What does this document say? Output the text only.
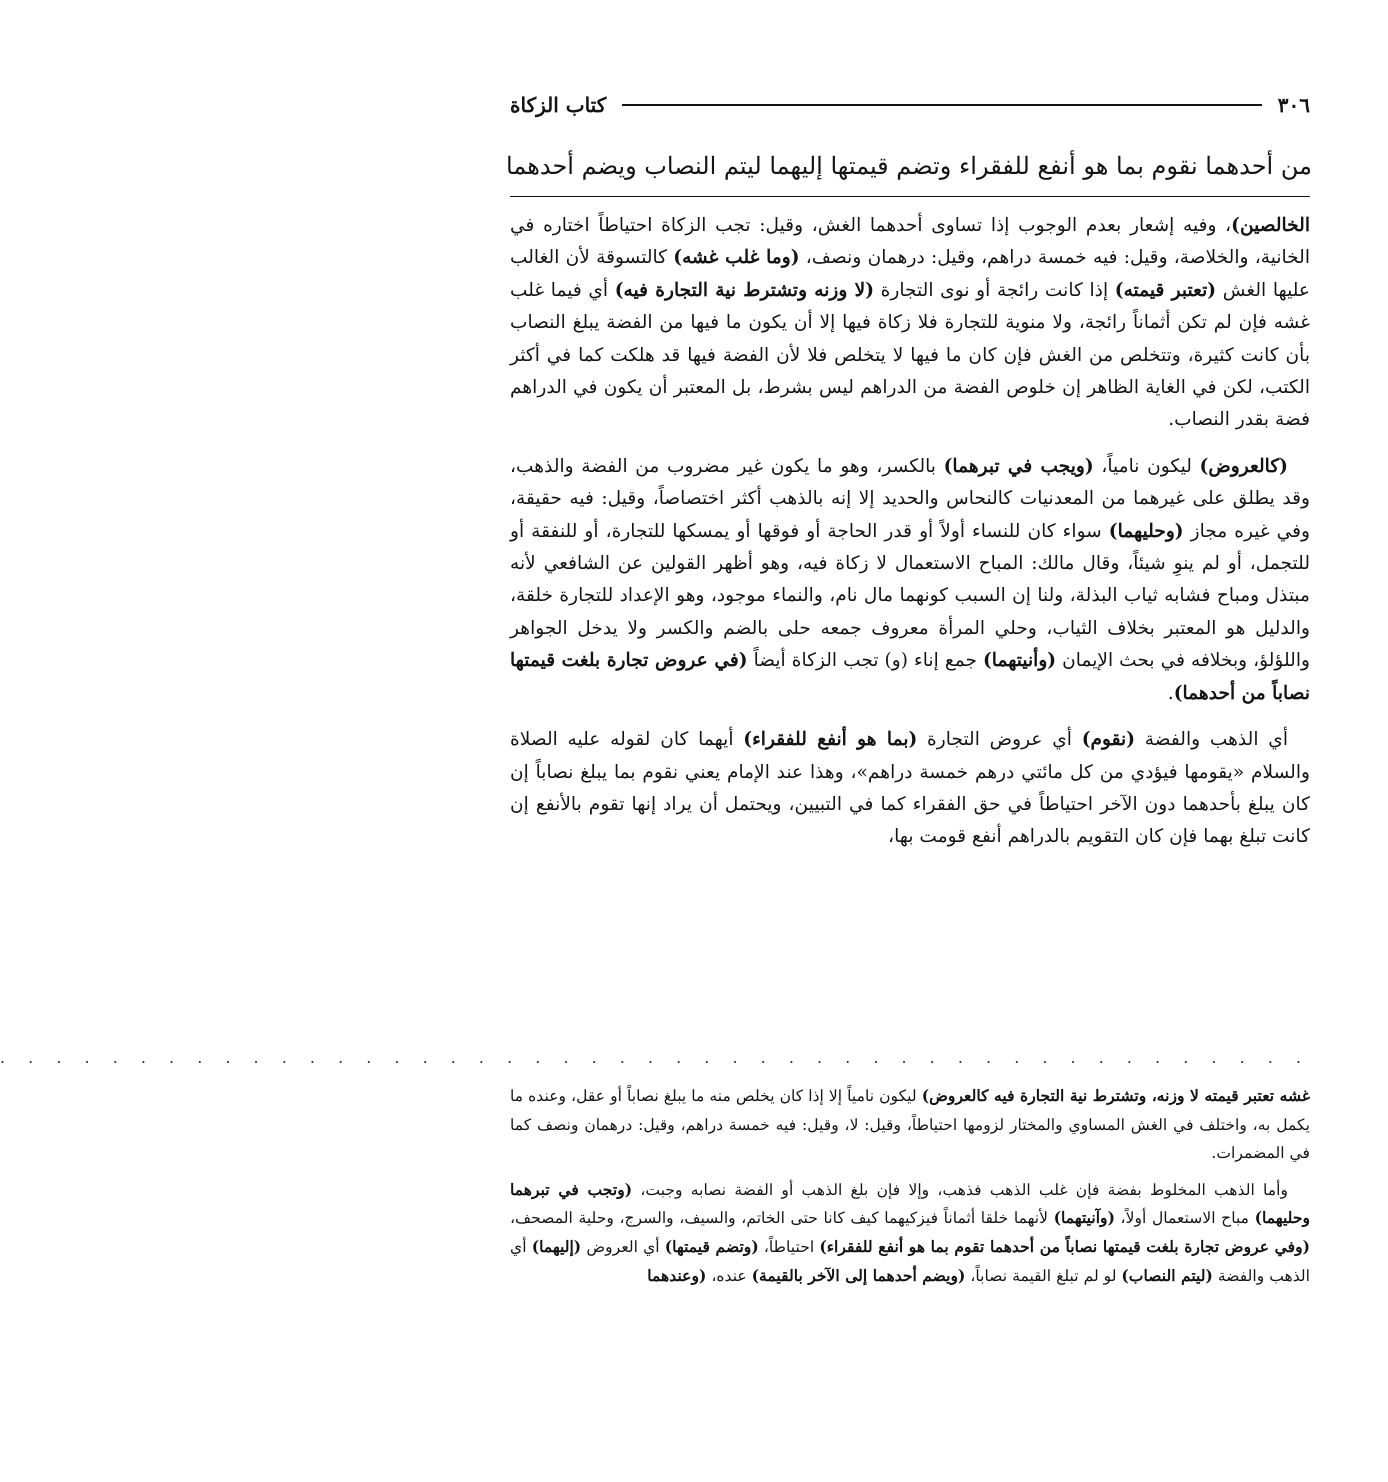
٣٠٦
كتاب الزكاة
من أحدهما نقوم بما هو أنفع للفقراء وتضم قيمتها إليهما ليتم النصاب ويضم أحدهما

الخالصين)، وفيه إشعار بعدم الوجوب إذا تساوى أحدهما الغش، وقيل: تجب الزكاة احتياطاً اختاره في الخانية، والخلاصة، وقيل: فيه خمسة دراهم، وقيل: درهمان ونصف، (وما غلب غشه) كالتسوقة لأن الغالب عليها الغش (تعتبر قيمته) إذا كانت رائجة أو نوى التجارة (لا وزنه وتشترط نية التجارة فيه) أي فيما غلب غشه فإن لم تكن أثماناً رائجة، ولا منوية للتجارة فلا زكاة فيها إلا أن يكون ما فيها من الفضة يبلغ النصاب بأن كانت كثيرة، وتتخلص من الغش فإن كان ما فيها لا يتخلص فلا لأن الفضة فيها قد هلكت كما في أكثر الكتب، لكن في الغاية الظاهر إن خلوص الفضة من الدراهم ليس بشرط، بل المعتبر أن يكون في الدراهم فضة بقدر النصاب.

(كالعروض) ليكون نامياً، (ويجب في تبرهما) بالكسر، وهو ما يكون غير مضروب من الفضة والذهب، وقد يطلق على غيرهما من المعدنيات كالنحاس والحديد إلا إنه بالذهب أكثر اختصاصاً، وقيل: فيه حقيقة، وفي غيره مجاز (وحليهما) سواء كان للنساء أولاً أو قدر الحاجة أو فوقها أو يمسكها للتجارة، أو للنفقة أو للتجمل، أو لم ينوِ شيئاً، وقال مالك: المباح الاستعمال لا زكاة فيه، وهو أظهر القولين عن الشافعي لأنه مبتذل ومباح فشابه ثياب البذلة، ولنا إن السبب كونهما مال نام، والنماء موجود، وهو الإعداد للتجارة خلقة، والدليل هو المعتبر بخلاف الثياب، وحلي المرأة معروف جمعه حلى بالضم والكسر ولا يدخل الجواهر واللؤلؤ، وبخلافه في بحث الإيمان (وأنيتهما) جمع إناء (و) تجب الزكاة أيضاً (في عروض تجارة بلغت قيمتها نصاباً من أحدهما).

أي الذهب والفضة (نقوم) أي عروض التجارة (بما هو أنفع للفقراء) أيهما كان لقوله عليه الصلاة والسلام «يقومها فيؤدي من كل مائتي درهم خمسة دراهم»، وهذا عند الإمام يعني نقوم بما يبلغ نصاباً إن كان يبلغ بأحدهما دون الآخر احتياطاً في حق الفقراء كما في التبيين، ويحتمل أن يراد إنها تقوم بالأنفع إن كانت تبلغ بهما فإن كان التقويم بالدراهم أنفع قومت بها،

. . . . . . . . . . . . . . . . . . . . . . . . . . . . . . . . . . . . . . . . . . . . . . .

غشه تعتبر قيمته لا وزنه، وتشترط نية التجارة فيه كالعروض) ليكون نامياً إلا إذا كان يخلص منه ما يبلغ نصاباً أو عقل، وعنده ما يكمل به، واختلف في الغش المساوي والمختار لزومها احتياطاً، وقيل: لا، وقيل: فيه خمسة دراهم، وقيل: درهمان ونصف كما في المضمرات.

وأما الذهب المخلوط بفضة فإن غلب الذهب فذهب، وإلا فإن بلغ الذهب أو الفضة نصابه وجبت، (وتجب في تبرهما وحليهما) مباح الاستعمال أولاً، (وآنيتهما) لأنهما خلقا أثماناً فيزكيهما كيف كانا حتى الخاتم، والسيف، والسرج، وحلية المصحف، (وفي عروض تجارة بلغت قيمتها نصاباً من أحدهما تقوم بما هو أنفع للفقراء) احتياطاً، (وتضم قيمتها) أي العروض (إليهما) أي الذهب والفضة (ليتم النصاب) لو لم تبلغ القيمة نصاباً، (ويضم أحدهما إلى الآخر بالقيمة) عنده، (وعندهما
